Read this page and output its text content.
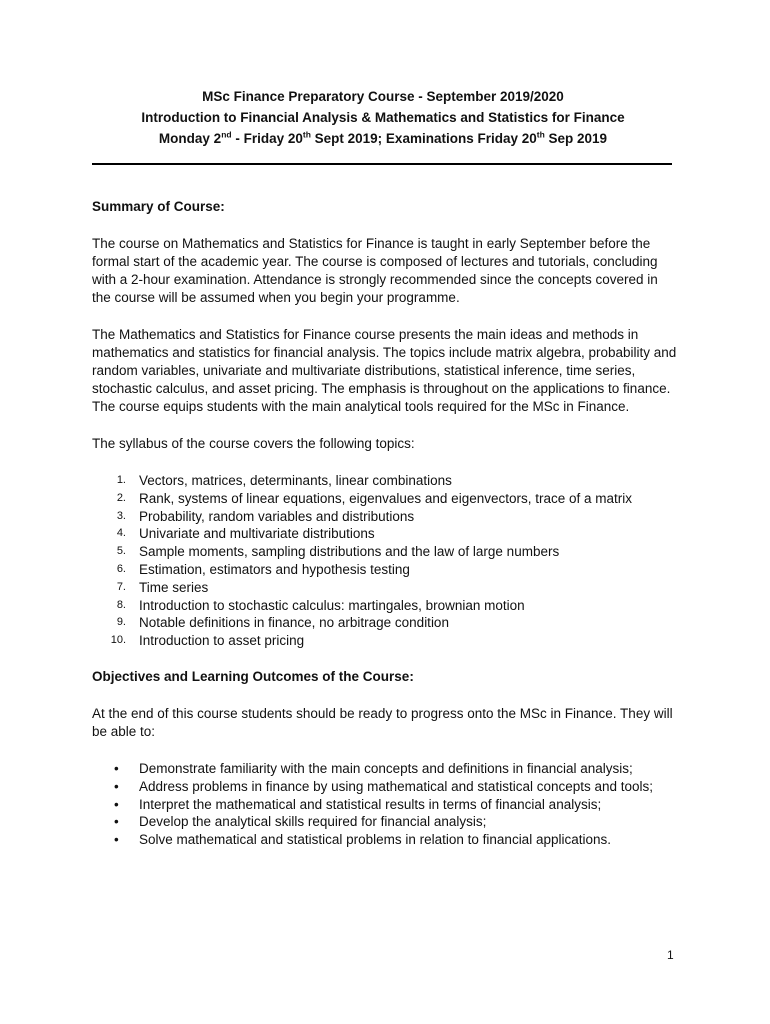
MSc Finance Preparatory Course - September 2019/2020
Introduction to Financial Analysis & Mathematics and Statistics for Finance
Monday 2nd - Friday 20th Sept 2019; Examinations Friday 20th Sep 2019
Summary of Course:

The course on Mathematics and Statistics for Finance is taught in early September before the formal start of the academic year. The course is composed of lectures and tutorials, concluding with a 2-hour examination. Attendance is strongly recommended since the concepts covered in the course will be assumed when you begin your programme.

The Mathematics and Statistics for Finance course presents the main ideas and methods in mathematics and statistics for financial analysis. The topics include matrix algebra, probability and random variables, univariate and multivariate distributions, statistical inference, time series, stochastic calculus, and asset pricing. The emphasis is throughout on the applications to finance. The course equips students with the main analytical tools required for the MSc in Finance.

The syllabus of the course covers the following topics:

1. Vectors, matrices, determinants, linear combinations
2. Rank, systems of linear equations, eigenvalues and eigenvectors, trace of a matrix
3. Probability, random variables and distributions
4. Univariate and multivariate distributions
5. Sample moments, sampling distributions and the law of large numbers
6. Estimation, estimators and hypothesis testing
7. Time series
8. Introduction to stochastic calculus: martingales, brownian motion
9. Notable definitions in finance, no arbitrage condition
10. Introduction to asset pricing
Objectives and Learning Outcomes of the Course:

At the end of this course students should be ready to progress onto the MSc in Finance. They will be able to:

• Demonstrate familiarity with the main concepts and definitions in financial analysis;
• Address problems in finance by using mathematical and statistical concepts and tools;
• Interpret the mathematical and statistical results in terms of financial analysis;
• Develop the analytical skills required for financial analysis;
• Solve mathematical and statistical problems in relation to financial applications.
1
